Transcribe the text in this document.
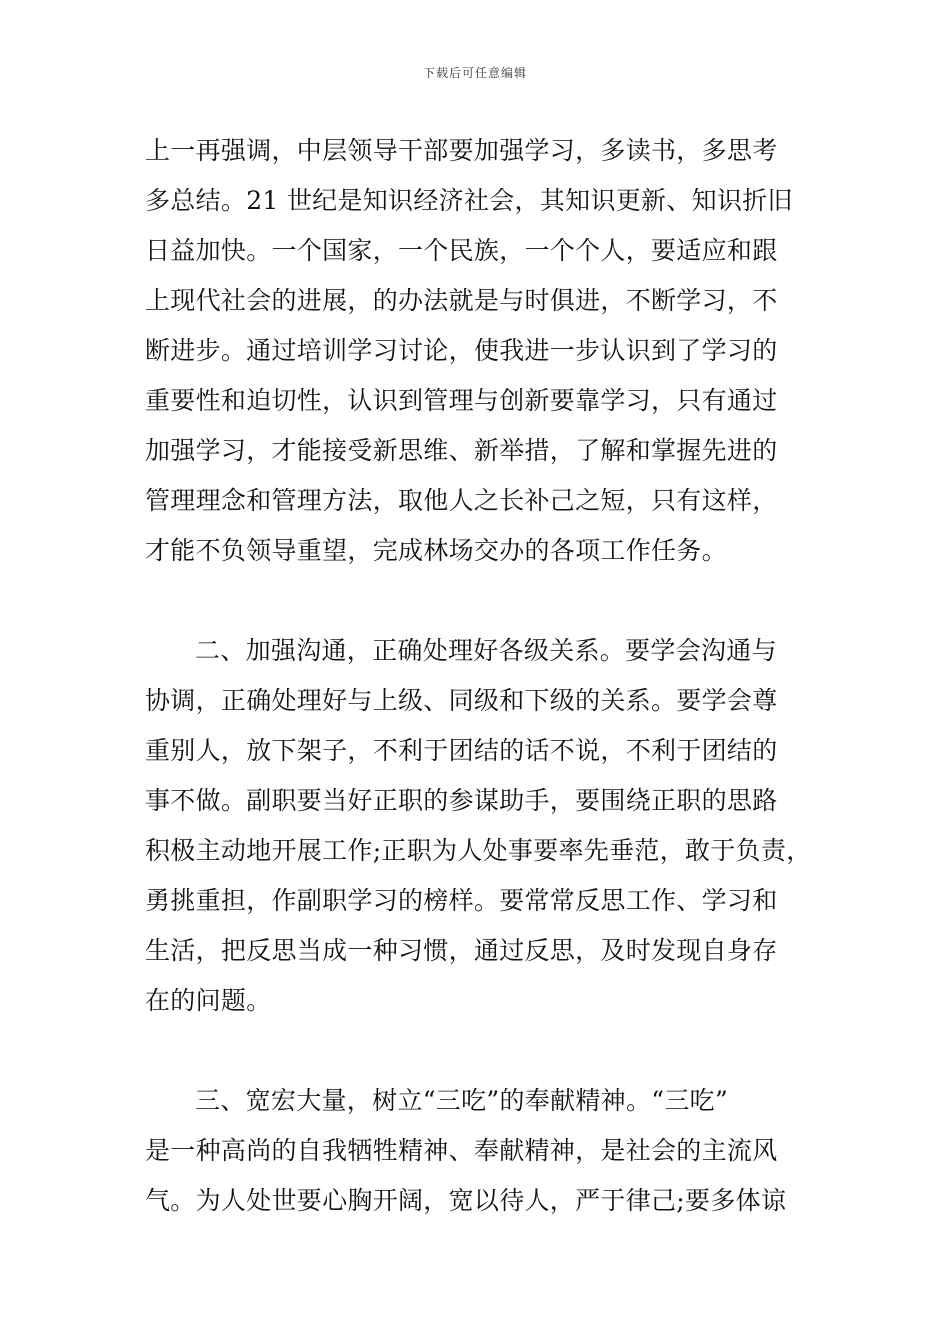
下载后可任意编辑
上一再强调，中层领导干部要加强学习，多读书，多思考
多总结。21 世纪是知识经济社会，其知识更新、知识折旧
日益加快。一个国家，一个民族，一个个人，要适应和跟
上现代社会的进展，的办法就是与时俱进，不断学习，不
断进步。通过培训学习讨论，使我进一步认识到了学习的
重要性和迫切性，认识到管理与创新要靠学习，只有通过
加强学习，才能接受新思维、新举措，了解和掌握先进的
管理理念和管理方法，取他人之长补己之短，只有这样，
才能不负领导重望，完成林场交办的各项工作任务。
二、加强沟通，正确处理好各级关系。要学会沟通与
协调，正确处理好与上级、同级和下级的关系。要学会尊
重别人，放下架子，不利于团结的话不说，不利于团结的
事不做。副职要当好正职的参谋助手，要围绕正职的思路
积极主动地开展工作;正职为人处事要率先垂范，敢于负责，
勇挑重担，作副职学习的榜样。要常常反思工作、学习和
生活，把反思当成一种习惯，通过反思，及时发现自身存
在的问题。
三、宽宏大量，树立“三吃”的奉献精神。“三吃”
是一种高尚的自我牺牲精神、奉献精神，是社会的主流风
气。为人处世要心胸开阔，宽以待人，严于律己;要多体谅
